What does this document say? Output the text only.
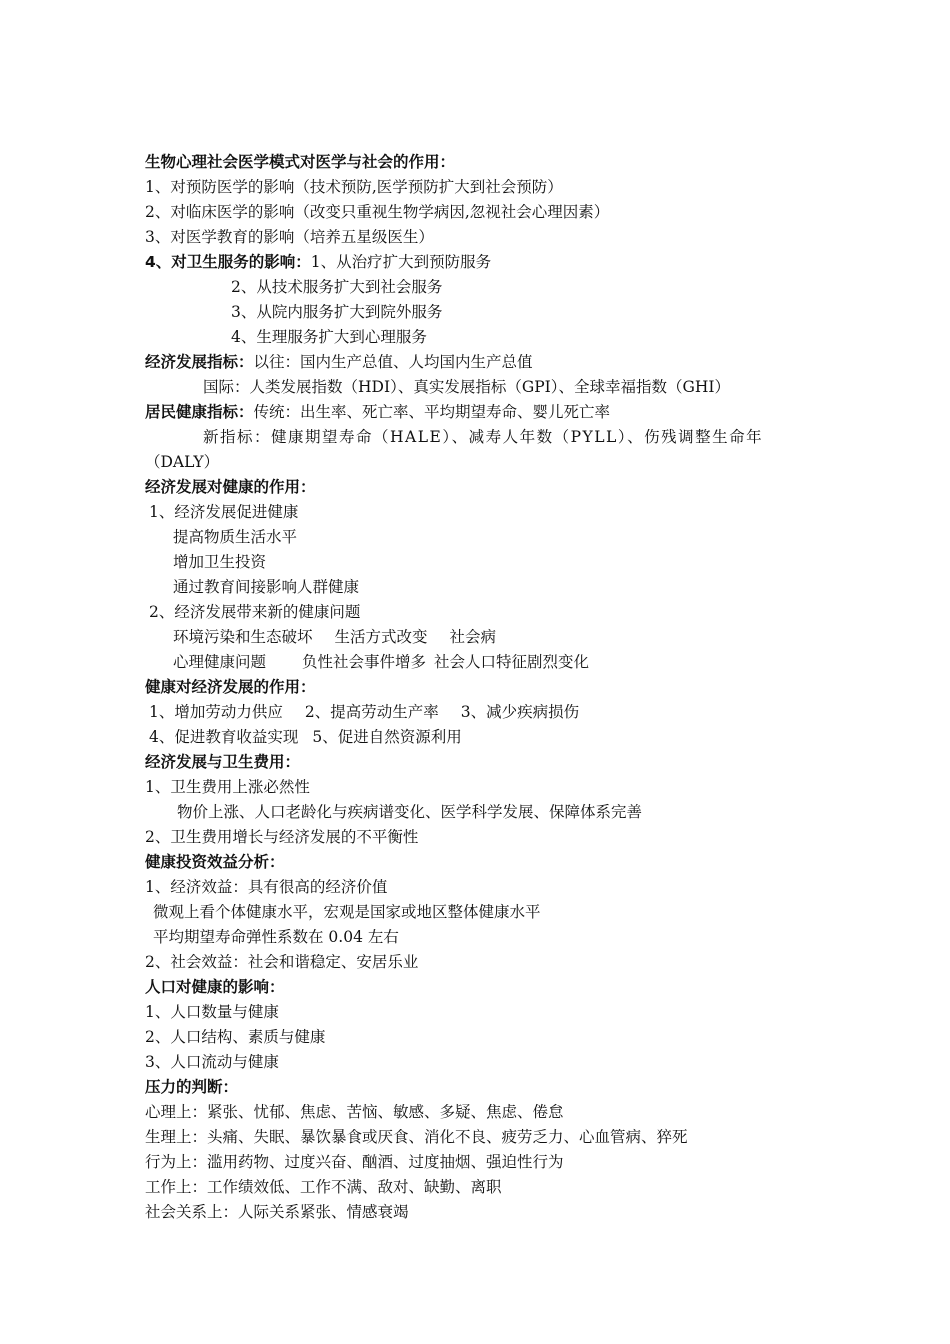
生物心理社会医学模式对医学与社会的作用：
1、对预防医学的影响（技术预防,医学预防扩大到社会预防）
2、对临床医学的影响（改变只重视生物学病因,忽视社会心理因素）
3、对医学教育的影响（培养五星级医生）
4、对卫生服务的影响：1、从治疗扩大到预防服务
2、从技术服务扩大到社会服务
3、从院内服务扩大到院外服务
4、生理服务扩大到心理服务
经济发展指标：以往：国内生产总值、人均国内生产总值
国际：人类发展指数（HDI）、真实发展指标（GPI）、全球幸福指数（GHI）
居民健康指标：传统：出生率、死亡率、平均期望寿命、婴儿死亡率
新指标：健康期望寿命（HALE）、减寿人年数（PYLL）、伤残调整生命年
（DALY）
经济发展对健康的作用：
1、经济发展促进健康
提高物质生活水平
增加卫生投资
通过教育间接影响人群健康
2、经济发展带来新的健康问题
环境污染和生态破坏 生活方式改变 社会病
心理健康问题 负性社会事件增多 社会人口特征剧烈变化
健康对经济发展的作用：
1、增加劳动力供应 2、提高劳动生产率 3、减少疾病损伤
4、促进教育收益实现 5、促进自然资源利用
经济发展与卫生费用：
1、卫生费用上涨必然性
物价上涨、人口老龄化与疾病谱变化、医学科学发展、保障体系完善
2、卫生费用增长与经济发展的不平衡性
健康投资效益分析：
1、经济效益：具有很高的经济价值
微观上看个体健康水平，宏观是国家或地区整体健康水平
平均期望寿命弹性系数在 0.04 左右
2、社会效益：社会和谐稳定、安居乐业
人口对健康的影响：
1、人口数量与健康
2、人口结构、素质与健康
3、人口流动与健康
压力的判断：
心理上：紧张、忧郁、焦虑、苦恼、敏感、多疑、焦虑、倦怠
生理上：头痛、失眠、暴饮暴食或厌食、消化不良、疲劳乏力、心血管病、猝死
行为上：滥用药物、过度兴奋、酗酒、过度抽烟、强迫性行为
工作上：工作绩效低、工作不满、敌对、缺勤、离职
社会关系上：人际关系紧张、情感衰竭
